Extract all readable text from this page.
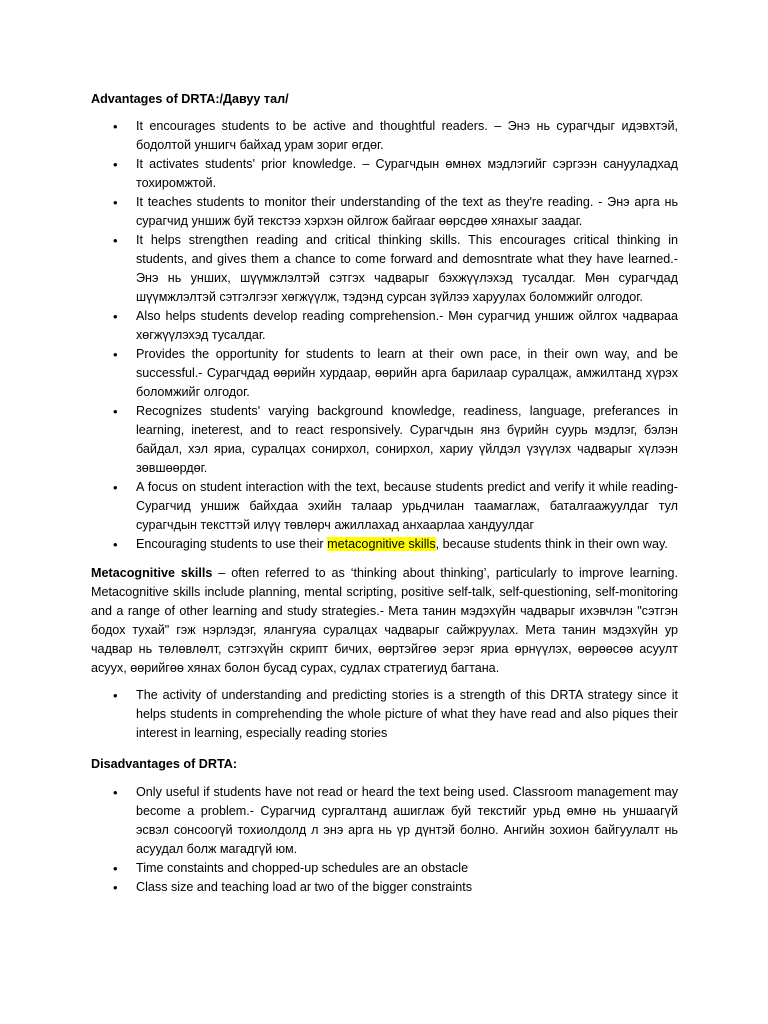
Advantages of DRTA:/Давуу тал/
• It encourages students to be active and thoughtful readers. – Энэ нь сурагчдыг идэвхтэй, бодолтой уншигч байхад урам зориг өгдөг.
• It activates students' prior knowledge. – Сурагчдын өмнөх мэдлэгийг сэргээн санууладхад тохиромжтой.
• It teaches students to monitor their understanding of the text as they're reading. - Энэ арга нь сурагчид уншиж буй текстээ хэрхэн ойлгож байгааг өөрсдөө хянахыг заадаг.
• It helps strengthen reading and critical thinking skills. This encourages critical thinking in students, and gives them a chance to come forward and demosntrate what they have learned.- Энэ нь унших, шүүмжлэлтэй сэтгэх чадварыг бэхжүүлэхэд тусалдаг. Мөн сурагчдад шүүмжлэлтэй сэтгэлгээг хөгжүүлж, тэдэнд сурсан зүйлээ харуулах боломжийг олгодог.
• Also helps students develop reading comprehension.- Мөн сурагчид уншиж ойлгох чадвараа хөгжүүлэхэд тусалдаг.
• Provides the opportunity for students to learn at their own pace, in their own way, and be successful.- Сурагчдад өөрийн хурдаар, өөрийн арга барилаар суралцаж, амжилтанд хүрэх боломжийг олгодог.
• Recognizes students' varying background knowledge, readiness, language, preferances in learning, ineterest, and to react responsively. Сурагчдын янз бүрийн суурь мэдлэг, бэлэн байдал, хэл яриа, суралцах сонирхол, сонирхол, хариу үйлдэл үзүүлэх чадварыг хүлээн зөвшөөрдөг.
• A focus on student interaction with the text, because students predict and verify it while reading- Сурагчид уншиж байхдаа эхийн талаар урьдчилан таамаглаж, баталгаажуулдаг тул сурагчдын тексттэй илүү төвлөрч ажиллахад анхаарлаа хандуулдаг
• Encouraging students to use their metacognitive skills, because students think in their own way.

Metacognitive skills – often referred to as ‘thinking about thinking’, particularly to improve learning. Metacognitive skills include planning, mental scripting, positive self-talk, self-questioning, self-monitoring and a range of other learning and study strategies.- Мета танин мэдэхүйн чадварыг ихэвчлэн "сэтгэн бодох тухай" гэж нэрлэдэг, ялангуяа суралцах чадварыг сайжруулах. Мета танин мэдэхүйн ур чадвар нь төлөвлөлт, сэтгэхүйн скрипт бичих, өөртэйгөө эерэг яриа өрнүүлэх, өөрөөсөө асуулт асуух, өөрийгөө хянах болон бусад сурах, судлах стратегиуд багтана.

• The activity of understanding and predicting stories is a strength of this DRTA strategy since it helps students in comprehending the whole picture of what they have read and also piques their interest in learning, especially reading stories
Disadvantages of DRTA:
• Only useful if students have not read or heard the text being used. Classroom management may become a problem.- Сурагчид сургалтанд ашиглаж буй текстийг урьд өмнө нь уншаагүй эсвэл сонсоогүй тохиолдолд л энэ арга нь үр дүнтэй болно. Ангийн зохион байгуулалт нь асуудал болж магадгүй юм.
• Time constaints and chopped-up schedules are an obstacle
• Class size and teaching load ar two of the bigger constraints
